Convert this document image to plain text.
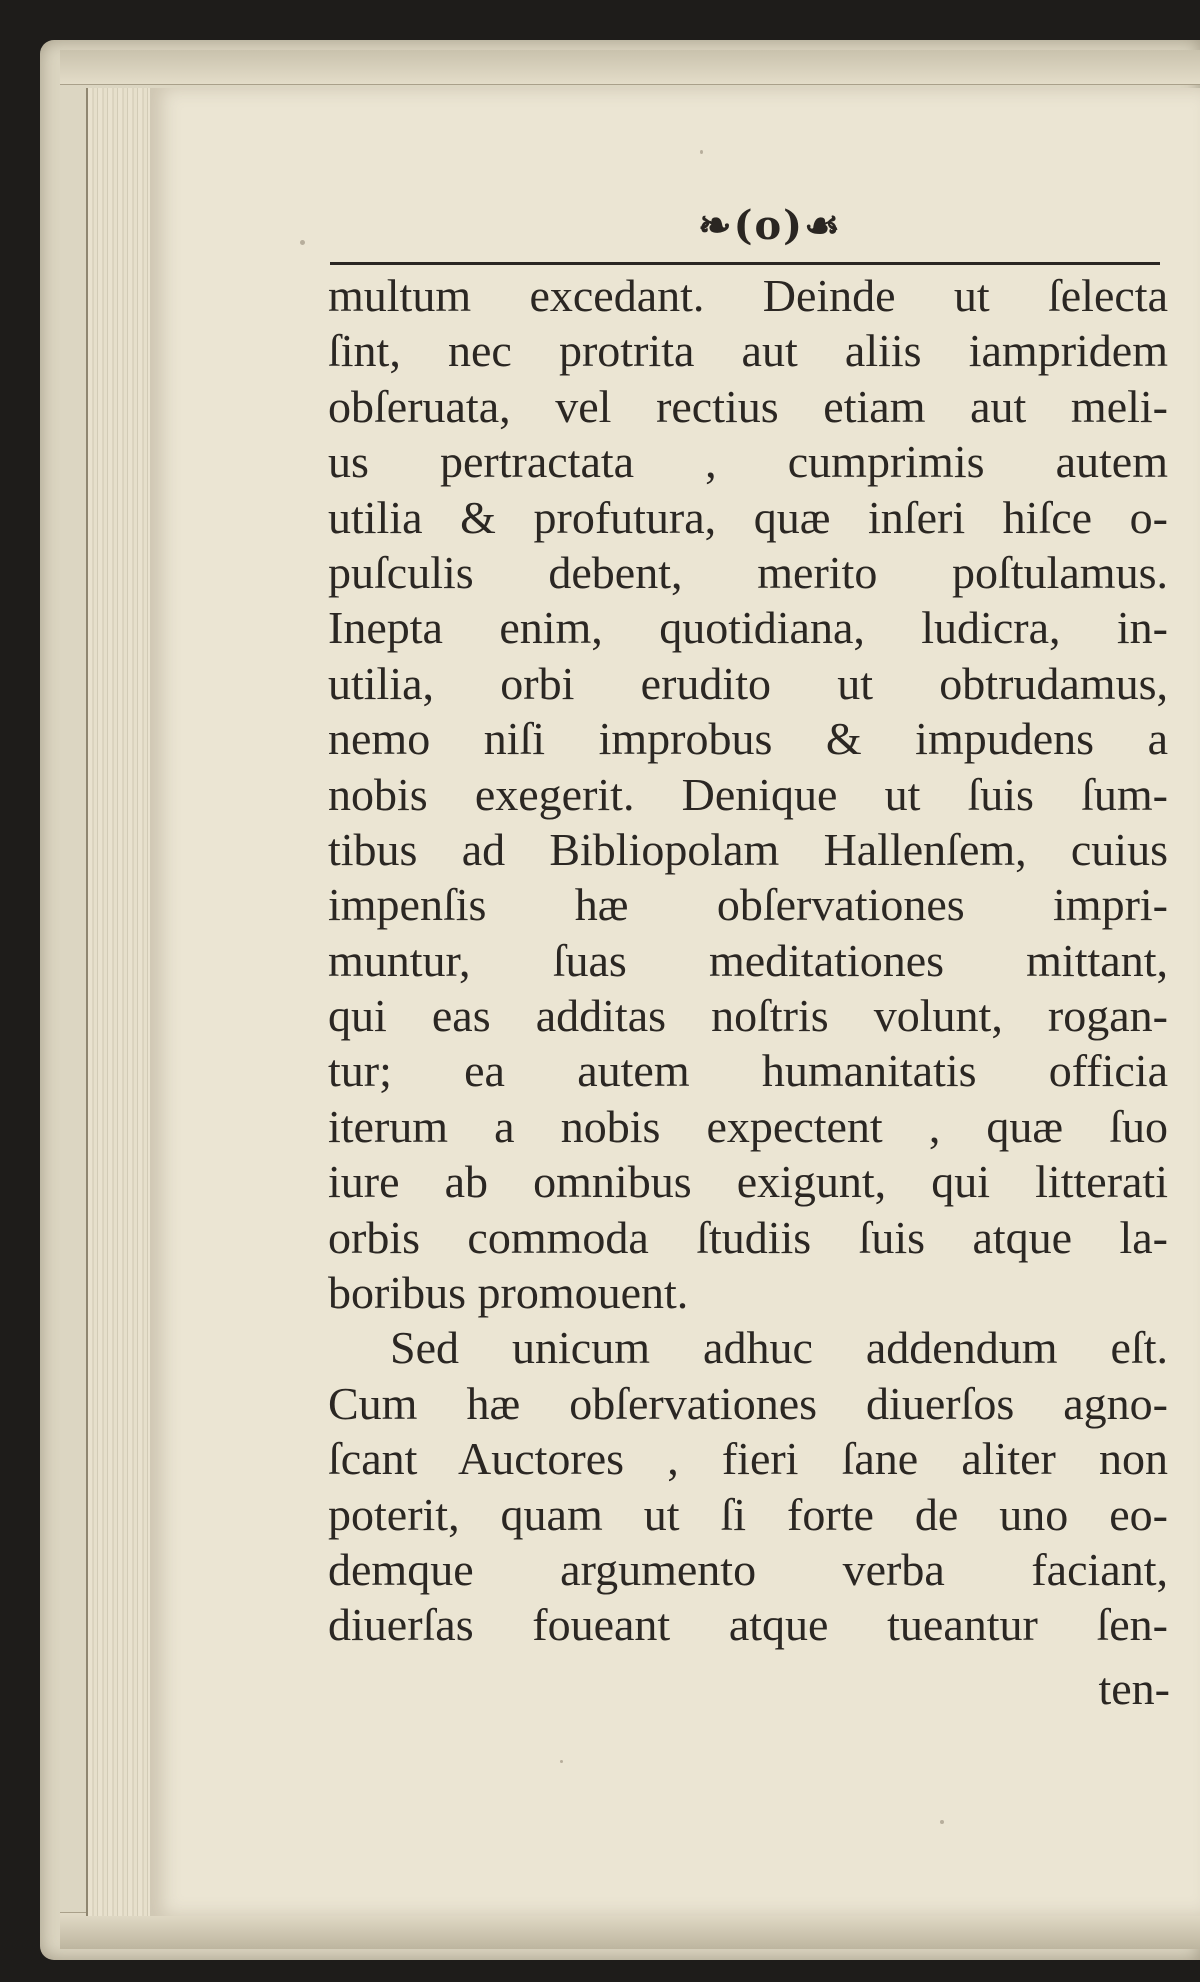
❧(o)☙
multum excedant. Deinde ut ſelecta
ſint, nec protrita aut aliis iampridem
obſeruata, vel rectius etiam aut meli-
us pertractata , cumprimis autem
utilia & profutura, quæ inſeri hiſce o-
puſculis debent, merito poſtulamus.
Inepta enim, quotidiana, ludicra, in-
utilia, orbi erudito ut obtrudamus,
nemo niſi improbus & impudens a
nobis exegerit. Denique ut ſuis ſum-
tibus ad Bibliopolam Hallenſem, cuius
impenſis hæ obſervationes impri-
muntur, ſuas meditationes mittant,
qui eas additas noſtris volunt, rogan-
tur; ea autem humanitatis officia
iterum a nobis expectent , quæ ſuo
iure ab omnibus exigunt, qui litterati
orbis commoda ſtudiis ſuis atque la-
boribus promouent.
Sed unicum adhuc addendum eſt.
Cum hæ obſervationes diuerſos agno-
ſcant Auctores , fieri ſane aliter non
poterit, quam ut ſi forte de uno eo-
demque argumento verba faciant,
diuerſas foueant atque tueantur ſen-
ten-
